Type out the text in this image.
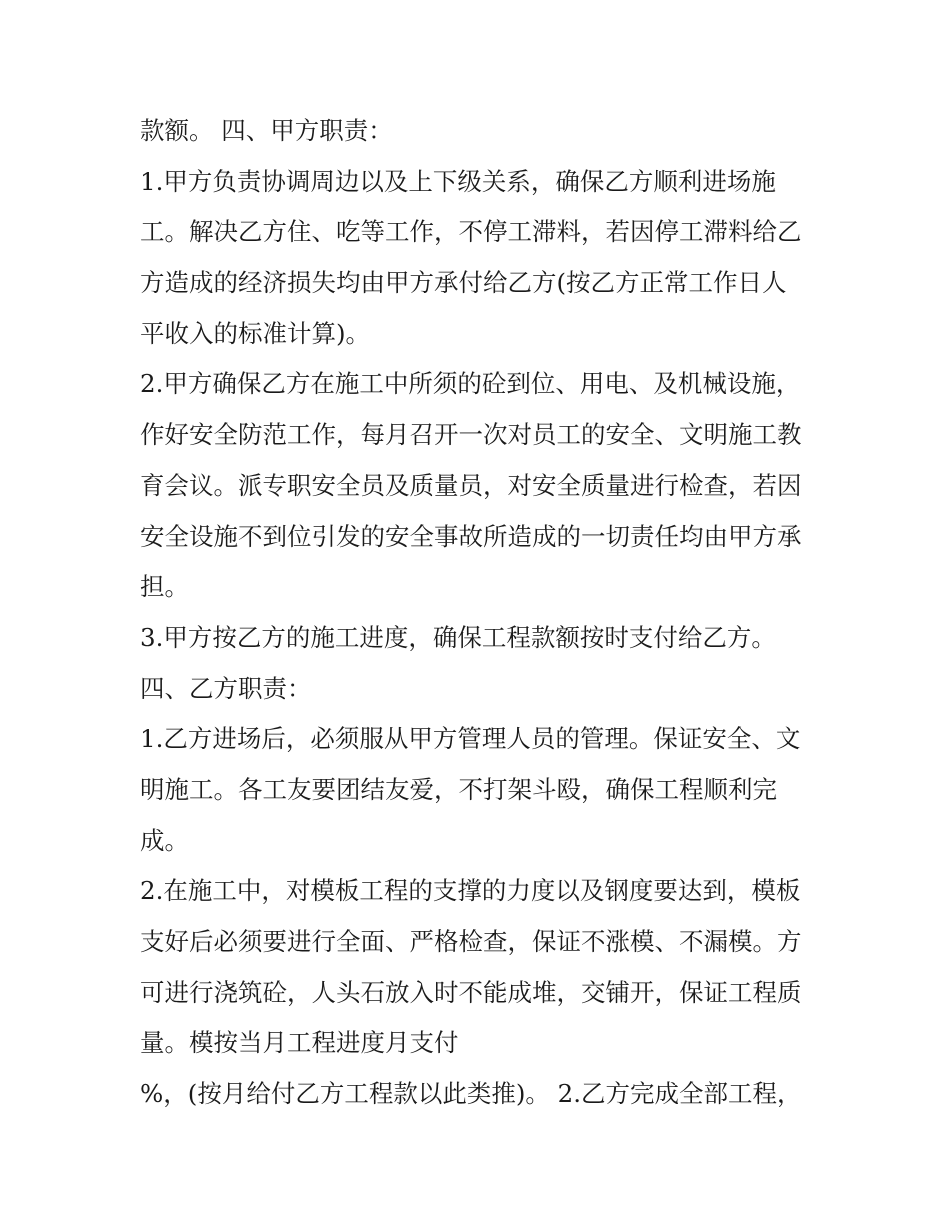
款额。 四、甲方职责：
1.甲方负责协调周边以及上下级关系，确保乙方顺利进场施
工。解决乙方住、吃等工作，不停工滞料，若因停工滞料给乙
方造成的经济损失均由甲方承付给乙方(按乙方正常工作日人
平收入的标准计算)。
2.甲方确保乙方在施工中所须的砼到位、用电、及机械设施，
作好安全防范工作，每月召开一次对员工的安全、文明施工教
育会议。派专职安全员及质量员，对安全质量进行检查，若因
安全设施不到位引发的安全事故所造成的一切责任均由甲方承
担。
3.甲方按乙方的施工进度，确保工程款额按时支付给乙方。
四、乙方职责：
1.乙方进场后，必须服从甲方管理人员的管理。保证安全、文
明施工。各工友要团结友爱，不打架斗殴，确保工程顺利完
成。
2.在施工中，对模板工程的支撑的力度以及钢度要达到，模板
支好后必须要进行全面、严格检查，保证不涨模、不漏模。方
可进行浇筑砼，人头石放入时不能成堆，交铺开，保证工程质
量。模按当月工程进度月支付
%，(按月给付乙方工程款以此类推)。 2.乙方完成全部工程，
